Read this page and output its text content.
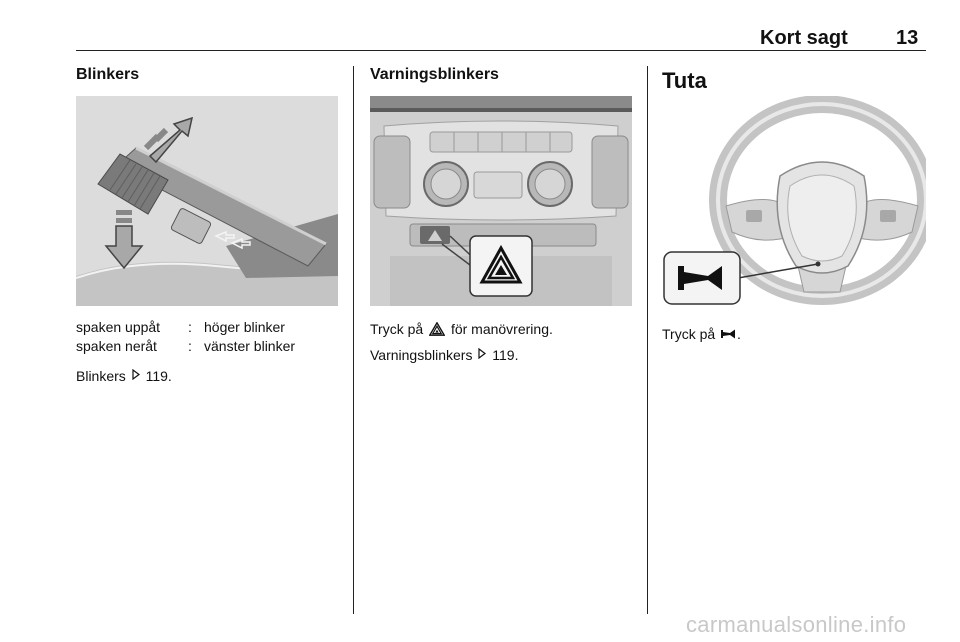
Kort sagt 13
Blinkers
spaken uppåt	: höger blinker
spaken neråt	: vänster blinker
Blinkers 119.
Varningsblinkers
Tryck på för manövrering.
Varningsblinkers 119.
Tuta
Tryck på .
carmanualsonline.info
